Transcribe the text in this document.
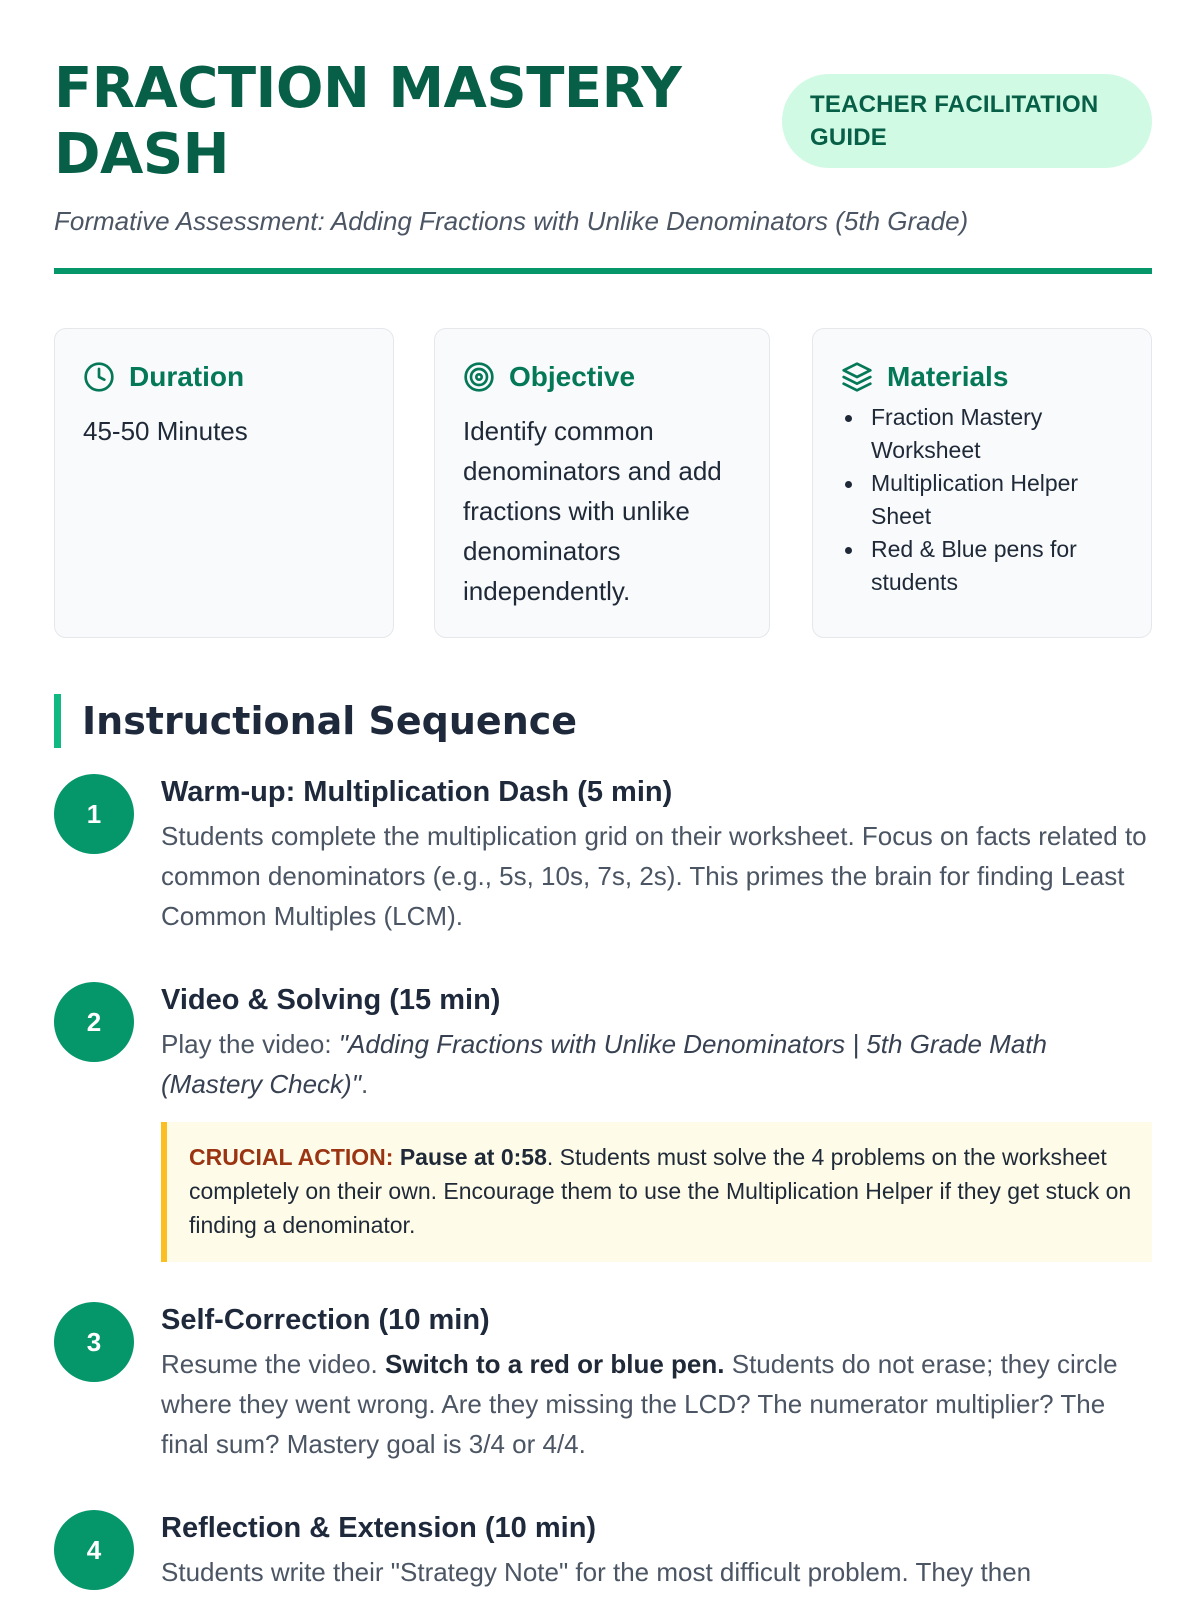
FRACTION MASTERY
DASH
TEACHER FACILITATION GUIDE
Formative Assessment: Adding Fractions with Unlike Denominators (5th Grade)
Duration
45-50 Minutes
Objective
Identify common denominators and add fractions with unlike denominators independently.
Materials
Fraction Mastery Worksheet
Multiplication Helper Sheet
Red & Blue pens for students
Instructional Sequence
1
Warm-up: Multiplication Dash (5 min)
Students complete the multiplication grid on their worksheet. Focus on facts related to common denominators (e.g., 5s, 10s, 7s, 2s). This primes the brain for finding Least Common Multiples (LCM).
2
Video & Solving (15 min)
Play the video: "Adding Fractions with Unlike Denominators | 5th Grade Math (Mastery Check)".
CRUCIAL ACTION: Pause at 0:58. Students must solve the 4 problems on the worksheet completely on their own. Encourage them to use the Multiplication Helper if they get stuck on finding a denominator.
3
Self-Correction (10 min)
Resume the video. Switch to a red or blue pen. Students do not erase; they circle where they went wrong. Are they missing the LCD? The numerator multiplier? The final sum? Mastery goal is 3/4 or 4/4.
4
Reflection & Extension (10 min)
Students write their "Strategy Note" for the most difficult problem. They then
